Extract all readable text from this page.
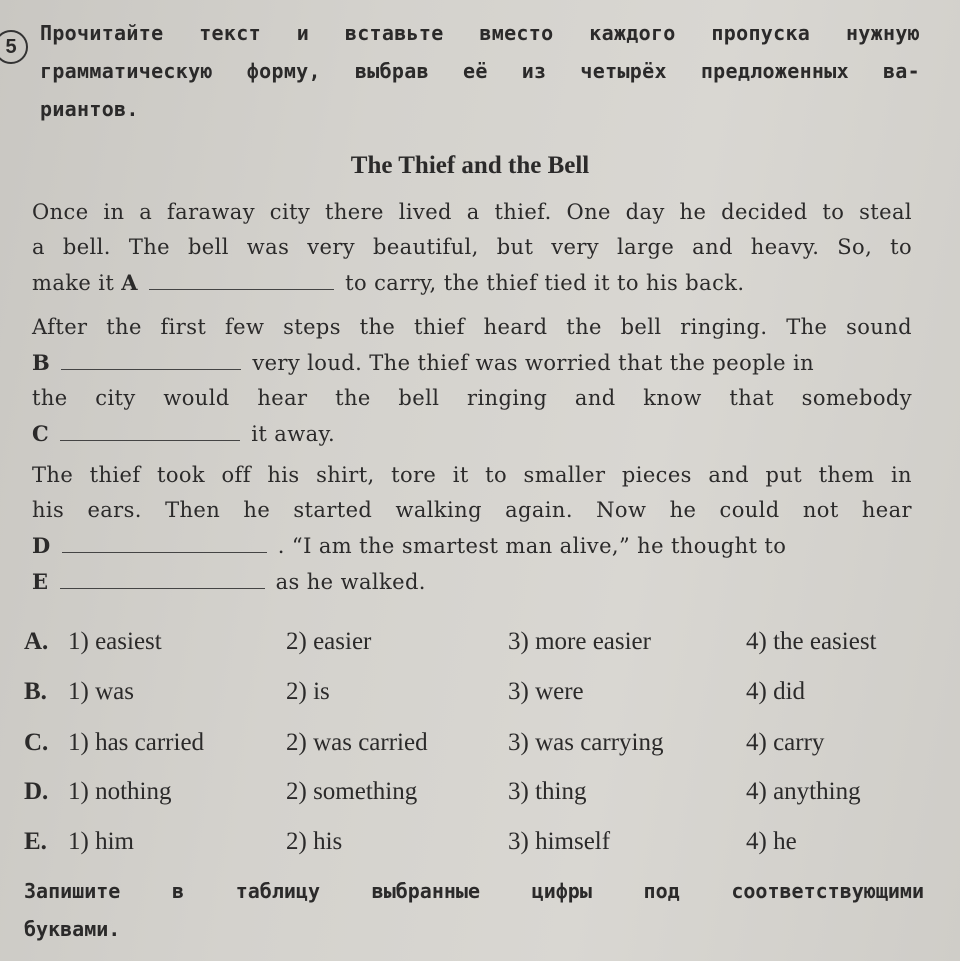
5
Прочитайте текст и вставьте вместо каждого пропуска нужную
грамматическую форму, выбрав её из четырёх предложенных ва-
риантов.
The Thief and the Bell
Once in a faraway city there lived a thief. One day he decided to steal
a bell. The bell was very beautiful, but very large and heavy. So, to
make it A	to carry, the thief tied it to his back.
After the first few steps the thief heard the bell ringing. The sound
B	very loud. The thief was worried that the people in
the city would hear the bell ringing and know that somebody
C	it away.
The thief took off his shirt, tore it to smaller pieces and put them in
his ears. Then he started walking again. Now he could not hear
D	. “I am the smartest man alive,” he thought to
E	as he walked.
A. 1) easiest	2) easier	3) more easier	4) the easiest
B. 1) was	2) is	3) were	4) did
C. 1) has carried	2) was carried	3) was carrying	4) carry
D. 1) nothing	2) something	3) thing	4) anything
E. 1) him	2) his	3) himself	4) he
Запишите в таблицу выбранные цифры под соответствующими
буквами.
